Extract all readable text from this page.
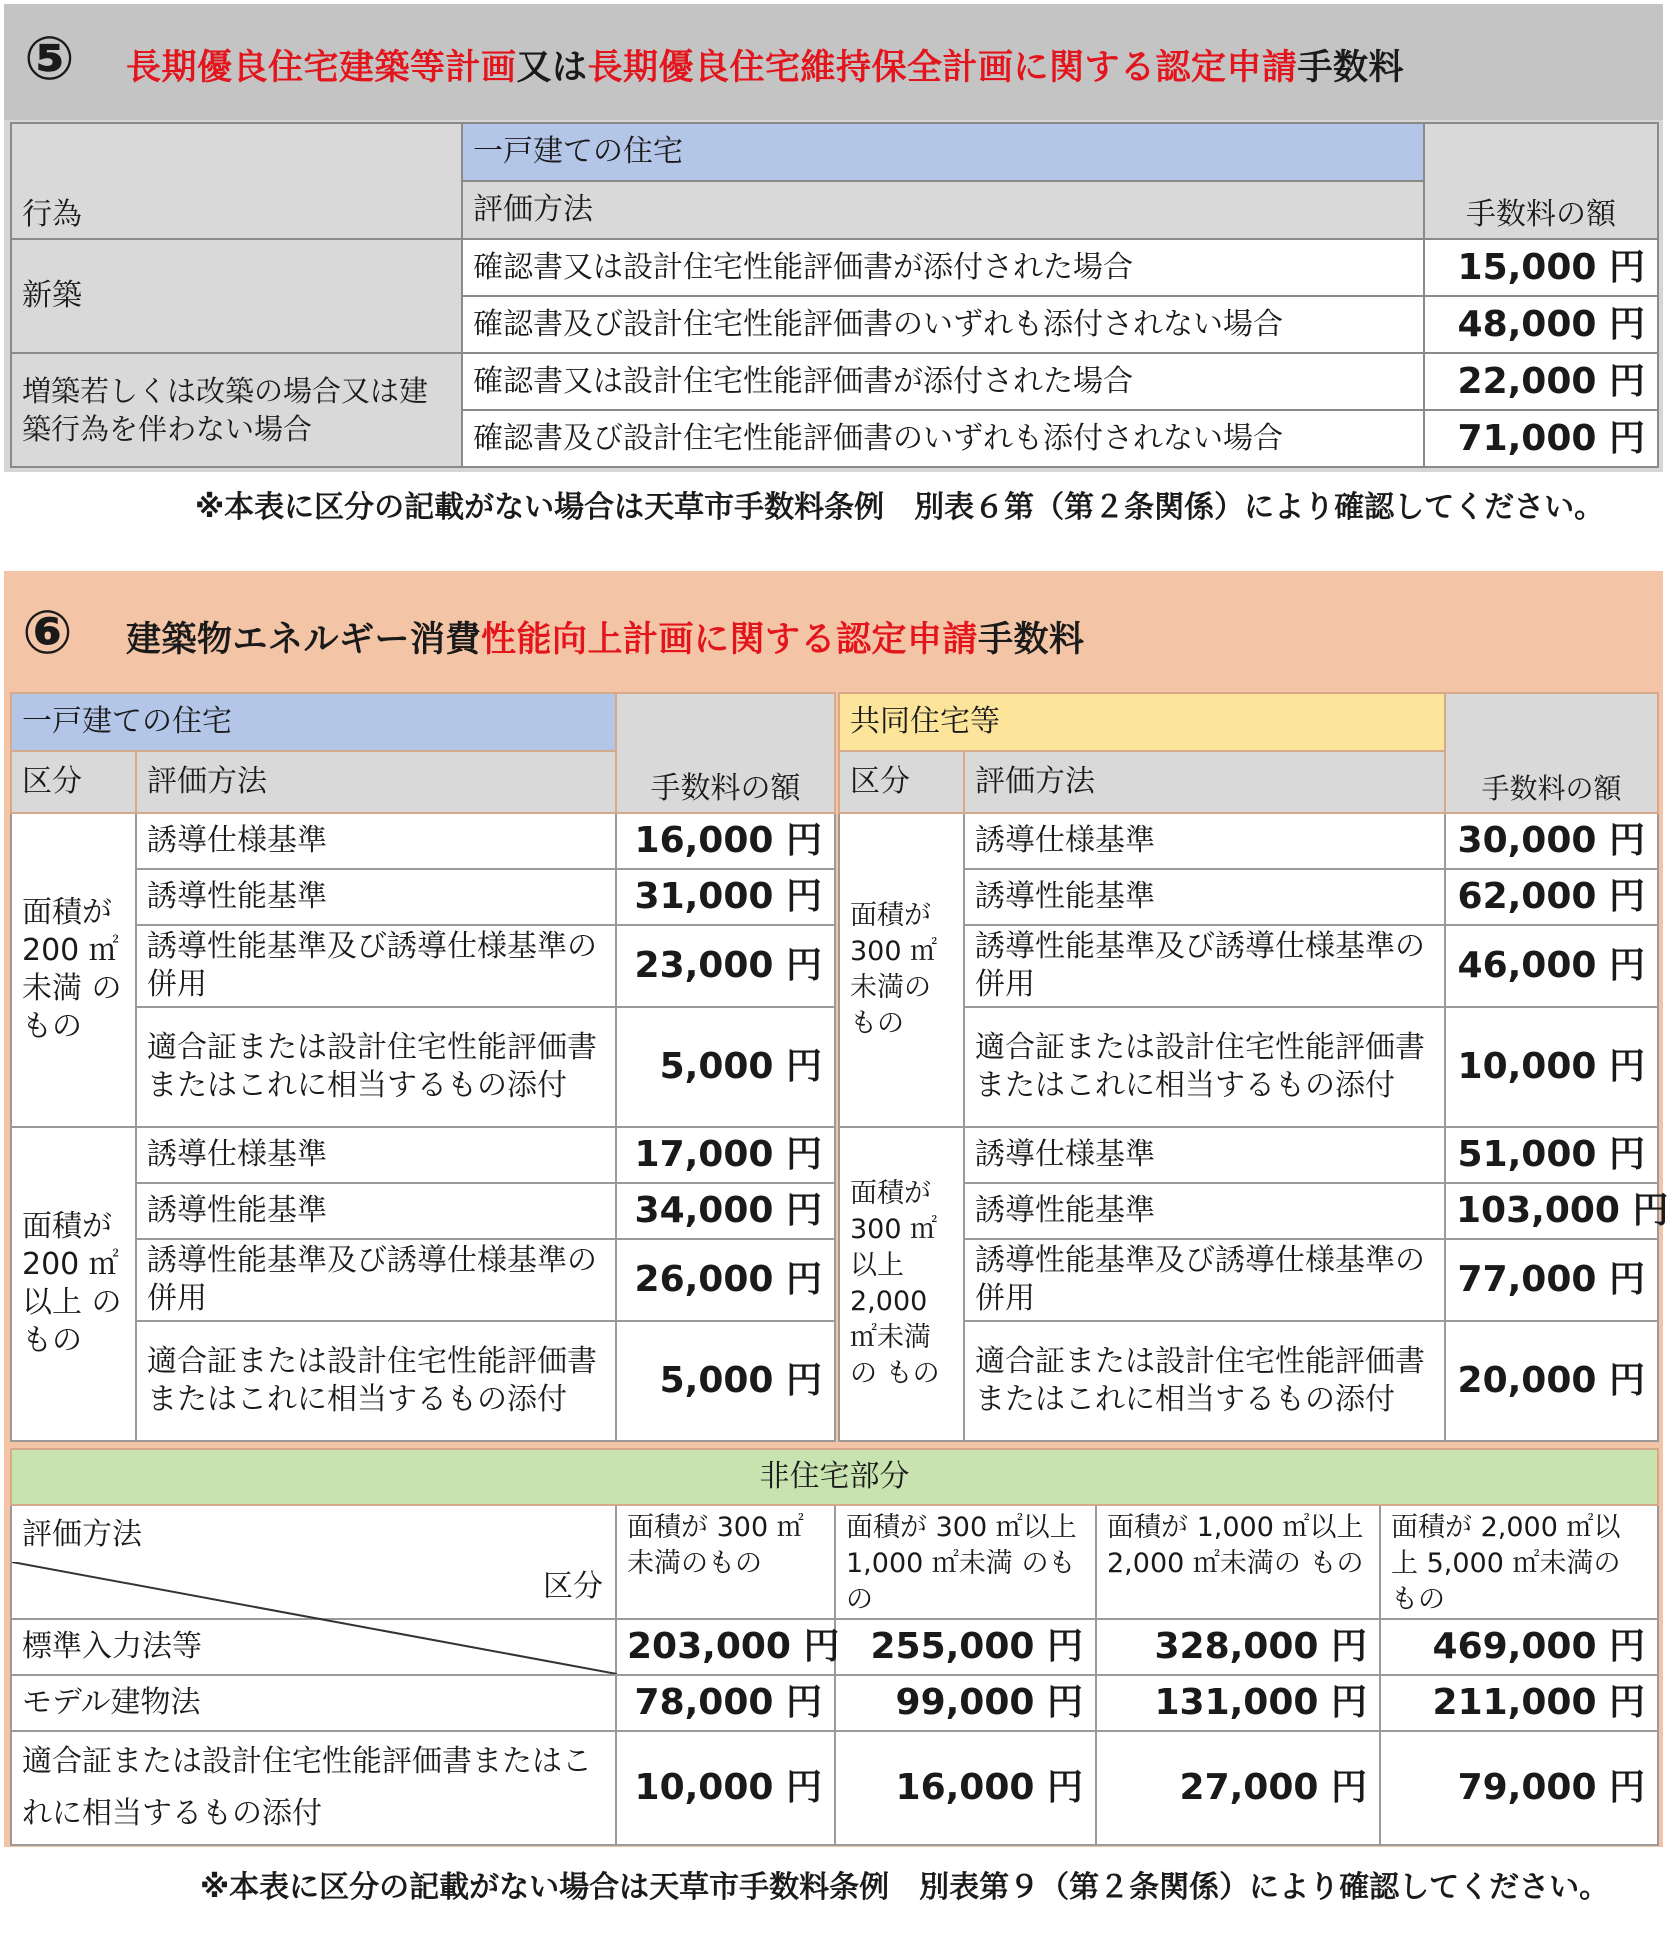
⑤ 長期優良住宅建築等計画又は長期優良住宅維持保全計画に関する認定申請手数料
行為	一戸建ての住宅	手数料の額
	評価方法	
新築	確認書又は設計住宅性能評価書が添付された場合	15,000 円
	確認書及び設計住宅性能評価書のいずれも添付されない場合	48,000 円
増築若しくは改築の場合又は建築行為を伴わない場合	確認書又は設計住宅性能評価書が添付された場合	22,000 円
	確認書及び設計住宅性能評価書のいずれも添付されない場合	71,000 円
※本表に区分の記載がない場合は天草市手数料条例　別表６第（第２条関係）により確認してください。
⑥ 建築物エネルギー消費性能向上計画に関する認定申請手数料
一戸建ての住宅		手数料の額
区分	評価方法	
面積が 200 ㎡未満 のもの	誘導仕様基準	16,000 円
	誘導性能基準	31,000 円
	誘導性能基準及び誘導仕様基準の併用	23,000 円
	適合証または設計住宅性能評価書またはこれに相当するもの添付	5,000 円
面積が 200 ㎡以上 のもの	誘導仕様基準	17,000 円
	誘導性能基準	34,000 円
	誘導性能基準及び誘導仕様基準の併用	26,000 円
	適合証または設計住宅性能評価書またはこれに相当するもの添付	5,000 円
共同住宅等		手数料の額
区分	評価方法	
面積が 300 ㎡ 未満のもの	誘導仕様基準	30,000 円
	誘導性能基準	62,000 円
	誘導性能基準及び誘導仕様基準の併用	46,000 円
	適合証または設計住宅性能評価書またはこれに相当するもの添付	10,000 円
面積が 300 ㎡ 以上 2,000 ㎡未満の もの	誘導仕様基準	51,000 円
	誘導性能基準	103,000 円
	誘導性能基準及び誘導仕様基準の併用	77,000 円
	適合証または設計住宅性能評価書またはこれに相当するもの添付	20,000 円
非住宅部分				

区分
評価方法	面積が 300 ㎡ 未満のもの	面積が 300 ㎡以上 1,000 ㎡未満 のもの	面積が 1,000 ㎡以上 2,000 ㎡未満の もの	面積が 2,000 ㎡以上 5,000 ㎡未満の もの
標準入力法等	203,000 円	255,000 円	328,000 円	469,000 円
モデル建物法	78,000 円	99,000 円	131,000 円	211,000 円
適合証または設計住宅性能評価書またはこれに相当するもの添付	10,000 円	16,000 円	27,000 円	79,000 円
※本表に区分の記載がない場合は天草市手数料条例　別表第９（第２条関係）により確認してください。
